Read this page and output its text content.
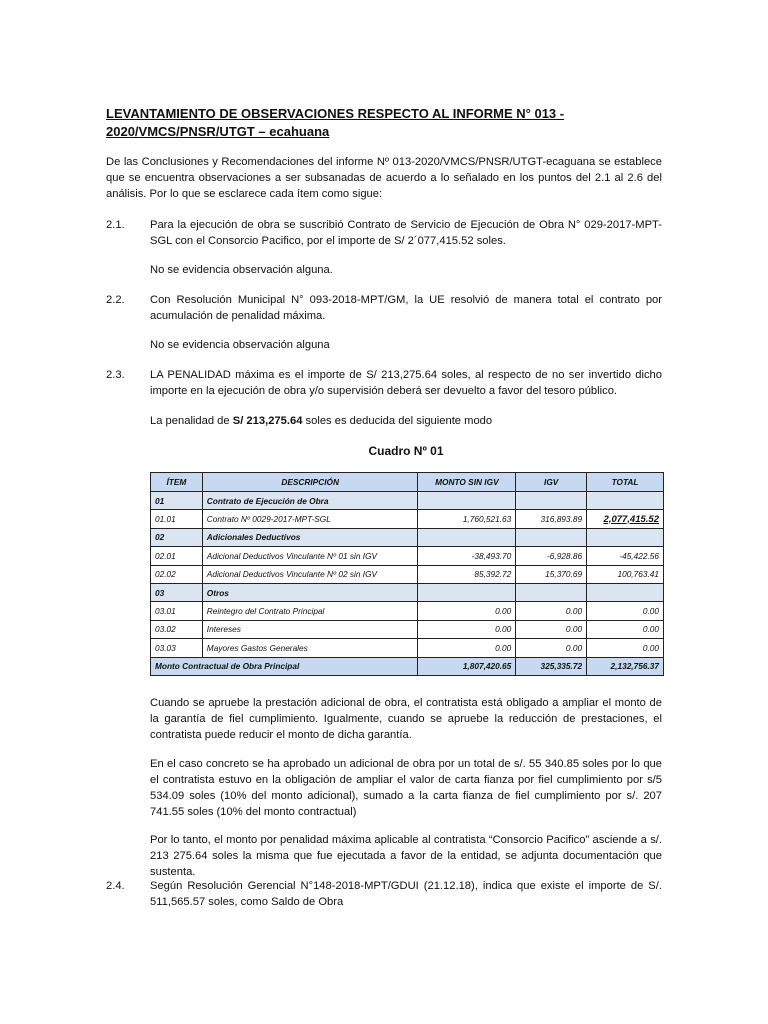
LEVANTAMIENTO DE OBSERVACIONES RESPECTO AL INFORME N° 013 - 2020/VMCS/PNSR/UTGT – ecahuana
De las Conclusiones y Recomendaciones del informe Nº 013-2020/VMCS/PNSR/UTGT-ecaguana se establece que se encuentra observaciones a ser subsanadas de acuerdo a lo señalado en los puntos del 2.1 al 2.6 del análisis. Por lo que se esclarece cada ítem como sigue:
2.1. Para la ejecución de obra se suscribió Contrato de Servicio de Ejecución de Obra N° 029-2017-MPT-SGL con el Consorcio Pacifico, por el importe de S/ 2´077,415.52 soles.
No se evidencia observación alguna.
2.2. Con Resolución Municipal N° 093-2018-MPT/GM, la UE resolvió de manera total el contrato por acumulación de penalidad máxima.
No se evidencia observación alguna
2.3. LA PENALIDAD máxima es el importe de S/ 213,275.64 soles, al respecto de no ser invertido dicho importe en la ejecución de obra y/o supervisión deberá ser devuelto a favor del tesoro público.
La penalidad de S/ 213,275.64 soles es deducida del siguiente modo
Cuadro Nº 01
ÍTEM	DESCRIPCIÓN	MONTO SIN IGV	IGV	TOTAL
01	Contrato de Ejecución de Obra			
01.01	Contrato Nº 0029-2017-MPT-SGL	1,760,521.63	316,893.89	2,077,415.52
02	Adicionales Deductivos			
02.01	Adicional Deductivos Vinculante Nº 01 sin IGV	-38,493.70	-6,928.86	-45,422.56
02.02	Adicional Deductivos Vinculante Nº 02 sin IGV	85,392.72	15,370.69	100,763.41
03	Otros			
03.01	Reintegro del Contrato Principal	0.00	0.00	0.00
03.02	Intereses	0.00	0.00	0.00
03.03	Mayores Gastos Generales	0.00	0.00	0.00
Monto Contractual de Obra Principal		1,807,420.65	325,335.72	2,132,756.37
Cuando se apruebe la prestación adicional de obra, el contratista está obligado a ampliar el monto de la garantía de fiel cumplimiento. Igualmente, cuando se apruebe la reducción de prestaciones, el contratista puede reducir el monto de dicha garantía.
En el caso concreto se ha aprobado un adicional de obra por un total de s/. 55 340.85 soles por lo que el contratista estuvo en la obligación de ampliar el valor de carta fianza por fiel cumplimiento por s/5 534.09 soles (10% del monto adicional), sumado a la carta fianza de fiel cumplimiento por s/. 207 741.55 soles (10% del monto contractual)
Por lo tanto, el monto por penalidad máxima aplicable al contratista “Consorcio Pacifico” asciende a s/. 213 275.64 soles la misma que fue ejecutada a favor de la entidad, se adjunta documentación que sustenta.
2.4. Según Resolución Gerencial N°148-2018-MPT/GDUI (21.12.18), indica que existe el importe de S/. 511,565.57 soles, como Saldo de Obra
